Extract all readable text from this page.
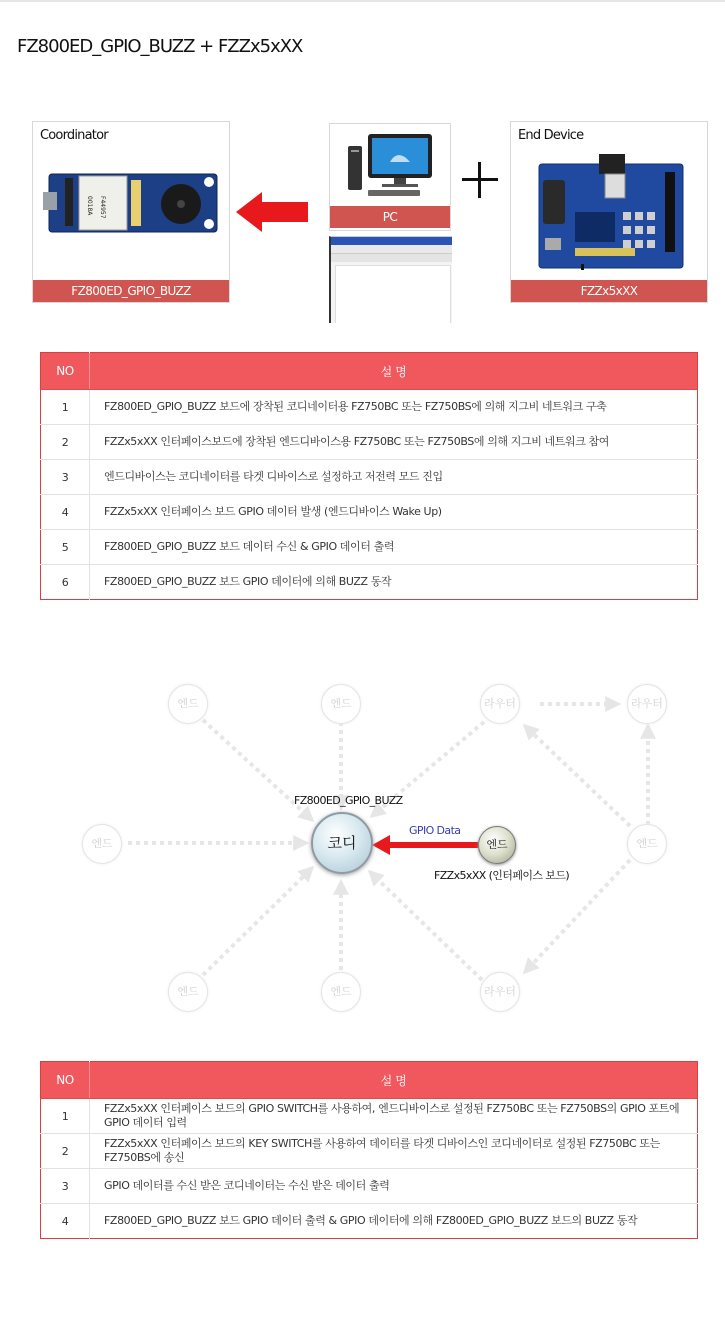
FZ800ED_GPIO_BUZZ + FZZx5xXX
Coordinator
0018A F44957
FZ800ED_GPIO_BUZZ
PC
End Device
FZZx5xXX
NO	설 명
1	FZ800ED_GPIO_BUZZ 보드에 장착된 코디네이터용 FZ750BC 또는 FZ750BS에 의해 지그비 네트워크 구축
2	FZZx5xXX 인터페이스보드에 장착된 엔드디바이스용 FZ750BC 또는 FZ750BS에 의해 지그비 네트워크 참여
3	엔드디바이스는 코디네이터를 타겟 디바이스로 설정하고 저전력 모드 진입
4	FZZx5xXX 인터페이스 보드 GPIO 데이터 발생 (엔드디바이스 Wake Up)
5	FZ800ED_GPIO_BUZZ 보드 데이터 수신 & GPIO 데이터 출력
6	FZ800ED_GPIO_BUZZ 보드 GPIO 데이터에 의해 BUZZ 동작
엔드	엔드	라우터	라우터
엔드	엔드
엔드	엔드	라우터
FZ800ED_GPIO_BUZZ
코디
GPIO Data
엔드
FZZx5xXX (인터페이스 보드)
NO	설 명
1	FZZx5xXX 인터페이스 보드의 GPIO SWITCH를 사용하여, 엔드디바이스로 설정된 FZ750BC 또는 FZ750BS의 GPIO 포트에 GPIO 데이터 입력
2	FZZx5xXX 인터페이스 보드의 KEY SWITCH를 사용하여 데이터를 타겟 디바이스인 코디네이터로 설정된 FZ750BC 또는 FZ750BS에 송신
3	GPIO 데이터를 수신 받은 코디네이터는 수신 받은 데이터 출력
4	FZ800ED_GPIO_BUZZ 보드 GPIO 데이터 출력 & GPIO 데이터에 의해 FZ800ED_GPIO_BUZZ 보드의 BUZZ 동작
